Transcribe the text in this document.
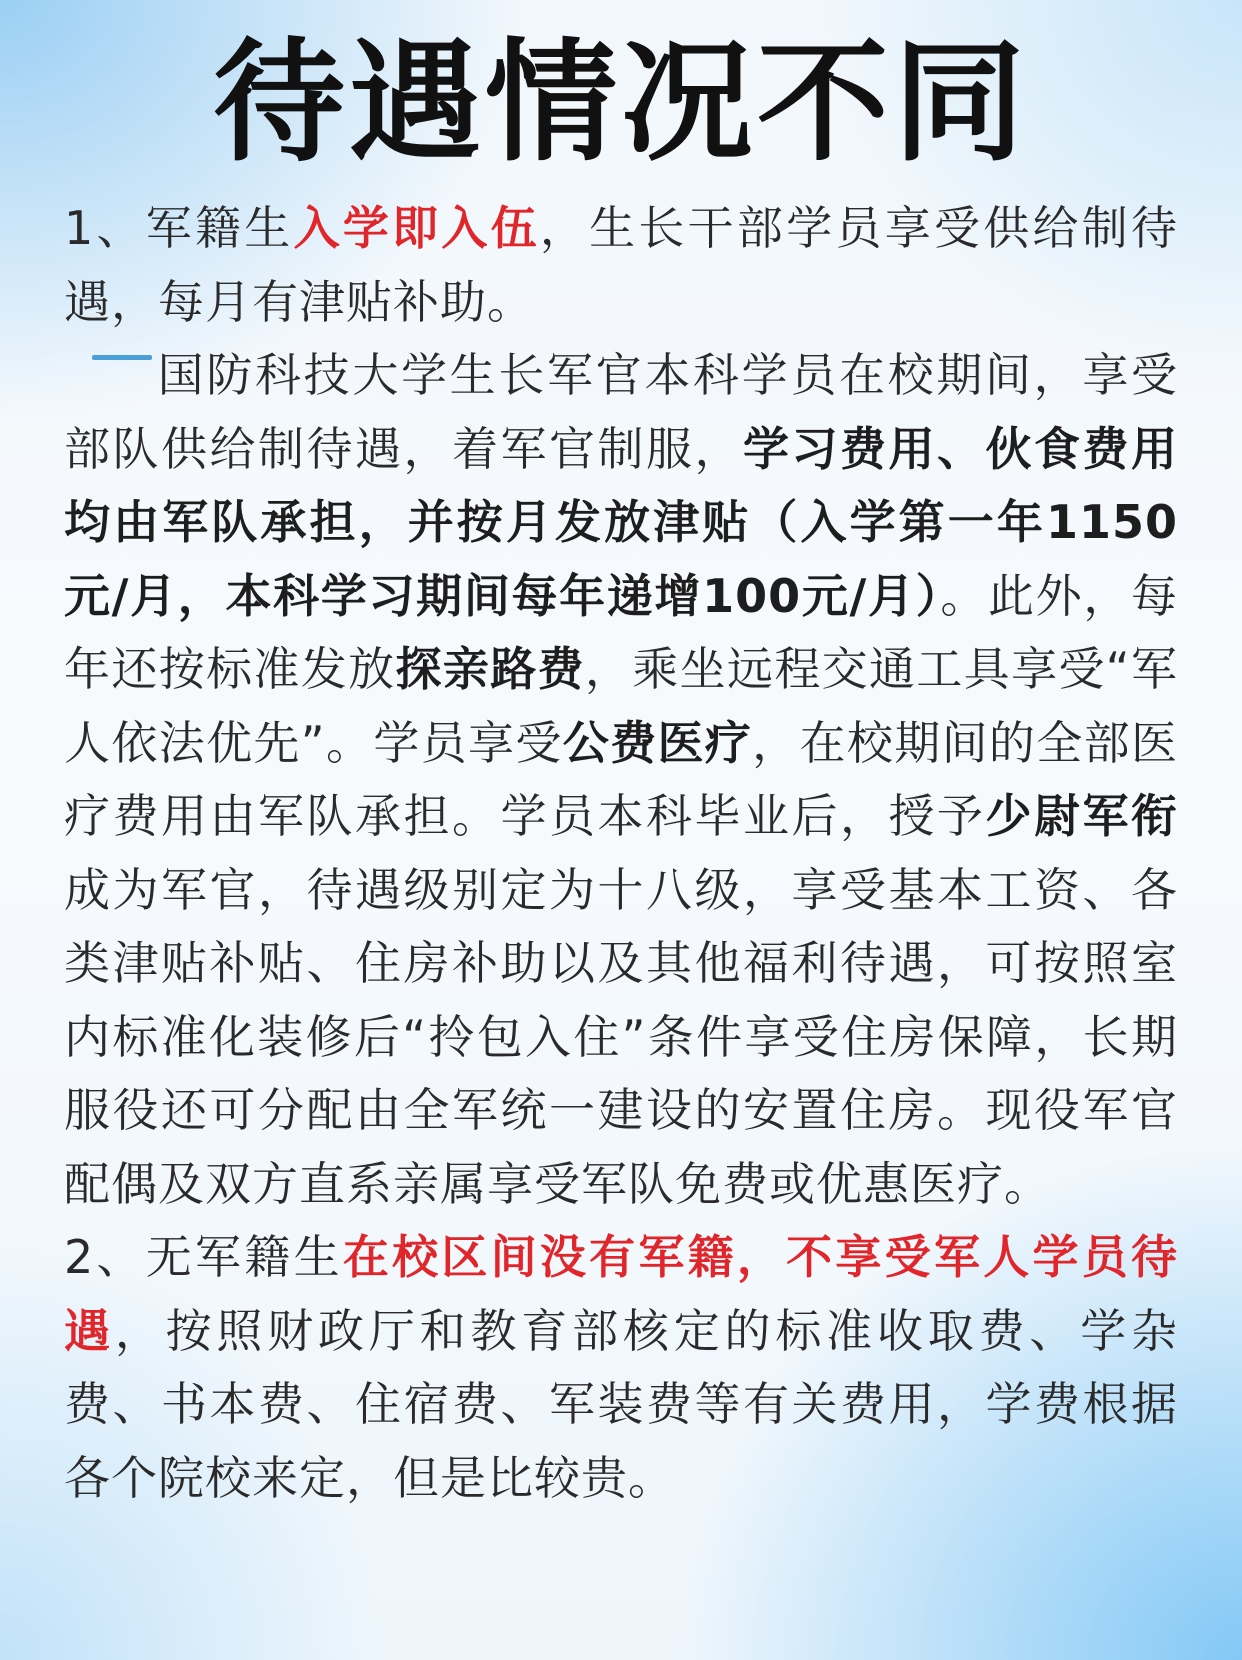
待遇情况不同

1、军籍生入学即入伍，生长干部学员享受供给制待遇，每月有津贴补助。

国防科技大学生长军官本科学员在校期间，享受部队供给制待遇，着军官制服，学习费用、伙食费用均由军队承担，并按月发放津贴（入学第一年1150元/月，本科学习期间每年递增100元/月）。此外，每年还按标准发放探亲路费，乘坐远程交通工具享受“军人依法优先”。学员享受公费医疗，在校期间的全部医疗费用由军队承担。学员本科毕业后，授予少尉军衔成为军官，待遇级别定为十八级，享受基本工资、各类津贴补贴、住房补助以及其他福利待遇，可按照室内标准化装修后“拎包入住”条件享受住房保障，长期服役还可分配由全军统一建设的安置住房。现役军官配偶及双方直系亲属享受军队免费或优惠医疗。

2、无军籍生在校区间没有军籍，不享受军人学员待遇，按照财政厅和教育部核定的标准收取费、学杂费、书本费、住宿费、军装费等有关费用，学费根据各个院校来定，但是比较贵。
